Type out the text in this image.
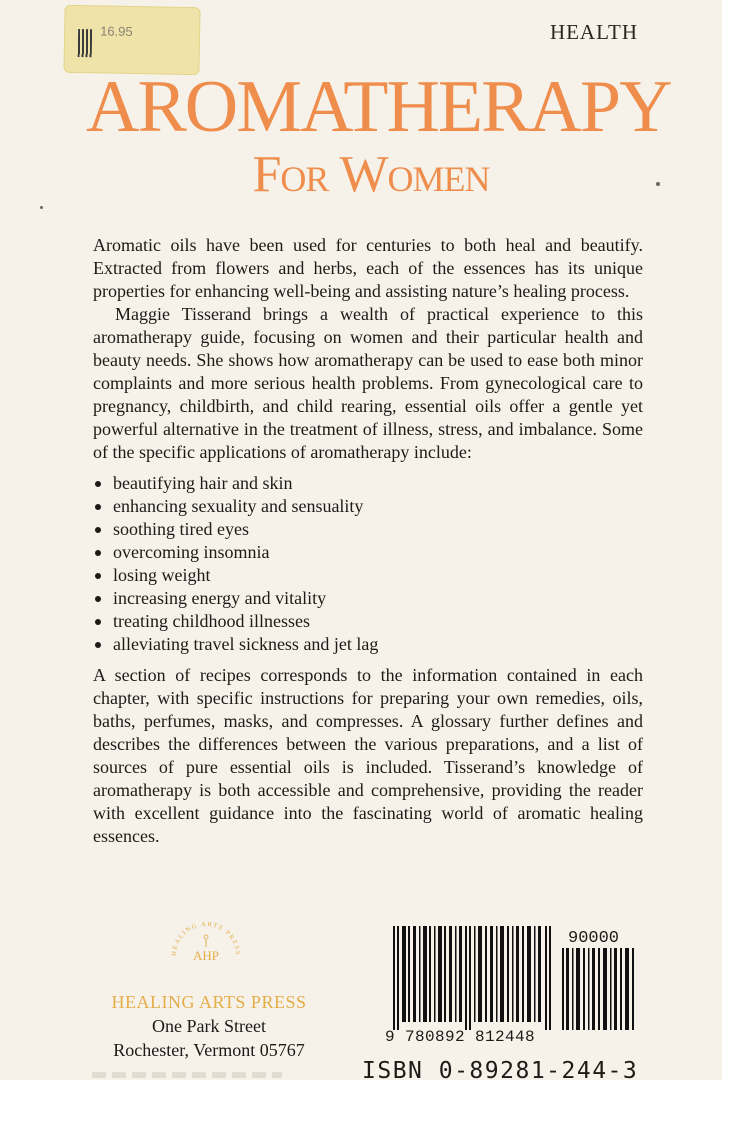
16.95	HEALTH
AROMATHERAPY
For Women

Aromatic oils have been used for centuries to both heal and beautify. Extracted from flowers and herbs, each of the essences has its unique properties for enhancing well-being and assisting nature’s healing process.

Maggie Tisserand brings a wealth of practical experience to this aromatherapy guide, focusing on women and their particular health and beauty needs. She shows how aromatherapy can be used to ease both minor complaints and more serious health problems. From gynecological care to pregnancy, childbirth, and child rearing, essential oils offer a gentle yet powerful alternative in the treatment of illness, stress, and imbalance. Some of the specific applications of aromatherapy include:

beautifying hair and skin
enhancing sexuality and sensuality
soothing tired eyes
overcoming insomnia
losing weight
increasing energy and vitality
treating childhood illnesses
alleviating travel sickness and jet lag

A section of recipes corresponds to the information contained in each chapter, with specific instructions for preparing your own remedies, oils, baths, perfumes, masks, and compresses. A glossary further defines and describes the differences between the various preparations, and a list of sources of pure essential oils is included. Tisserand’s knowledge of aromatherapy is both accessible and comprehensive, providing the reader with excellent guidance into the fascinating world of aromatic healing essences.

HEALING ARTS PRESS
AHP
HEALING ARTS PRESS
One Park Street
Rochester, Vermont 05767
90000
9 780892 812448
ISBN 0-89281-244-3
